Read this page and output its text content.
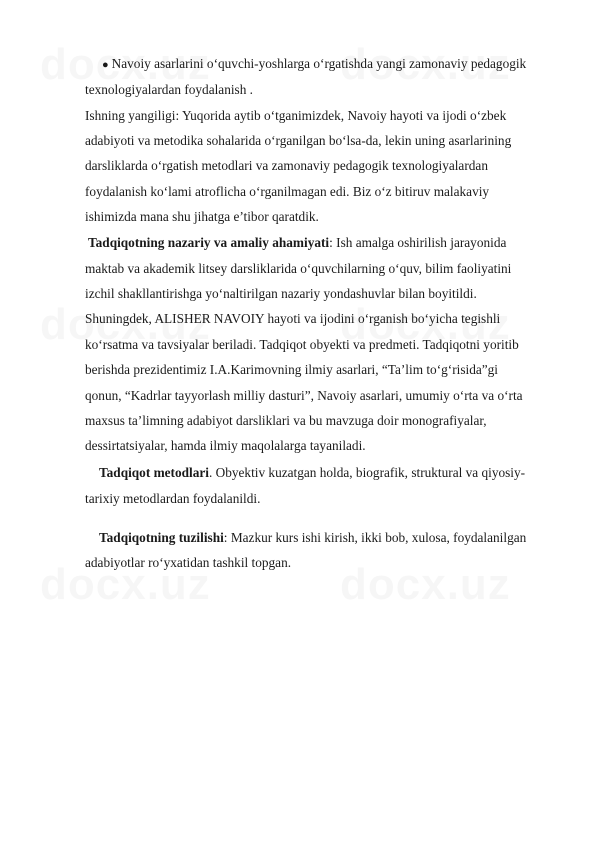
● Navoiy asarlarini o‘quvchi-yoshlarga o‘rgatishda yangi zamonaviy pedagogik
texnologiyalardan foydalanish .
Ishning yangiligi: Yuqorida aytib o‘tganimizdek, Navoiy hayoti va ijodi o‘zbek
adabiyoti va metodika sohalarida o‘rganilgan bo‘lsa-da, lekin uning asarlarining
darsliklarda o‘rgatish metodlari va zamonaviy pedagogik texnologiyalardan
foydalanish ko‘lami atroflicha o‘rganilmagan edi. Biz o‘z bitiruv malakaviy
ishimizda mana shu jihatga e’tibor qaratdik.
Tadqiqotning nazariy va amaliy ahamiyati: Ish amalga oshirilish jarayonida
maktab va akademik litsey darsliklarida o‘quvchilarning o‘quv, bilim faoliyatini
izchil shakllantirishga yo‘naltirilgan nazariy yondashuvlar bilan boyitildi.
Shuningdek, ALISHER NAVOIY hayoti va ijodini o‘rganish bo‘yicha tegishli
ko‘rsatma va tavsiyalar beriladi. Tadqiqot obyekti va predmeti. Tadqiqotni yoritib
berishda prezidentimiz I.A.Karimovning ilmiy asarlari, “Ta’lim to‘g‘risida”gi
qonun, “Kadrlar tayyorlash milliy dasturi”, Navoiy asarlari, umumiy o‘rta va o‘rta
maxsus ta’limning adabiyot darsliklari va bu mavzuga doir monografiyalar,
dessirtatsiyalar, hamda ilmiy maqolalarga tayaniladi.
Tadqiqot metodlari. Obyektiv kuzatgan holda, biografik, struktural va qiyosiy-
tarixiy metodlardan foydalanildi.
Tadqiqotning tuzilishi: Mazkur kurs ishi kirish, ikki bob, xulosa, foydalanilgan
adabiyotlar ro‘yxatidan tashkil topgan.
